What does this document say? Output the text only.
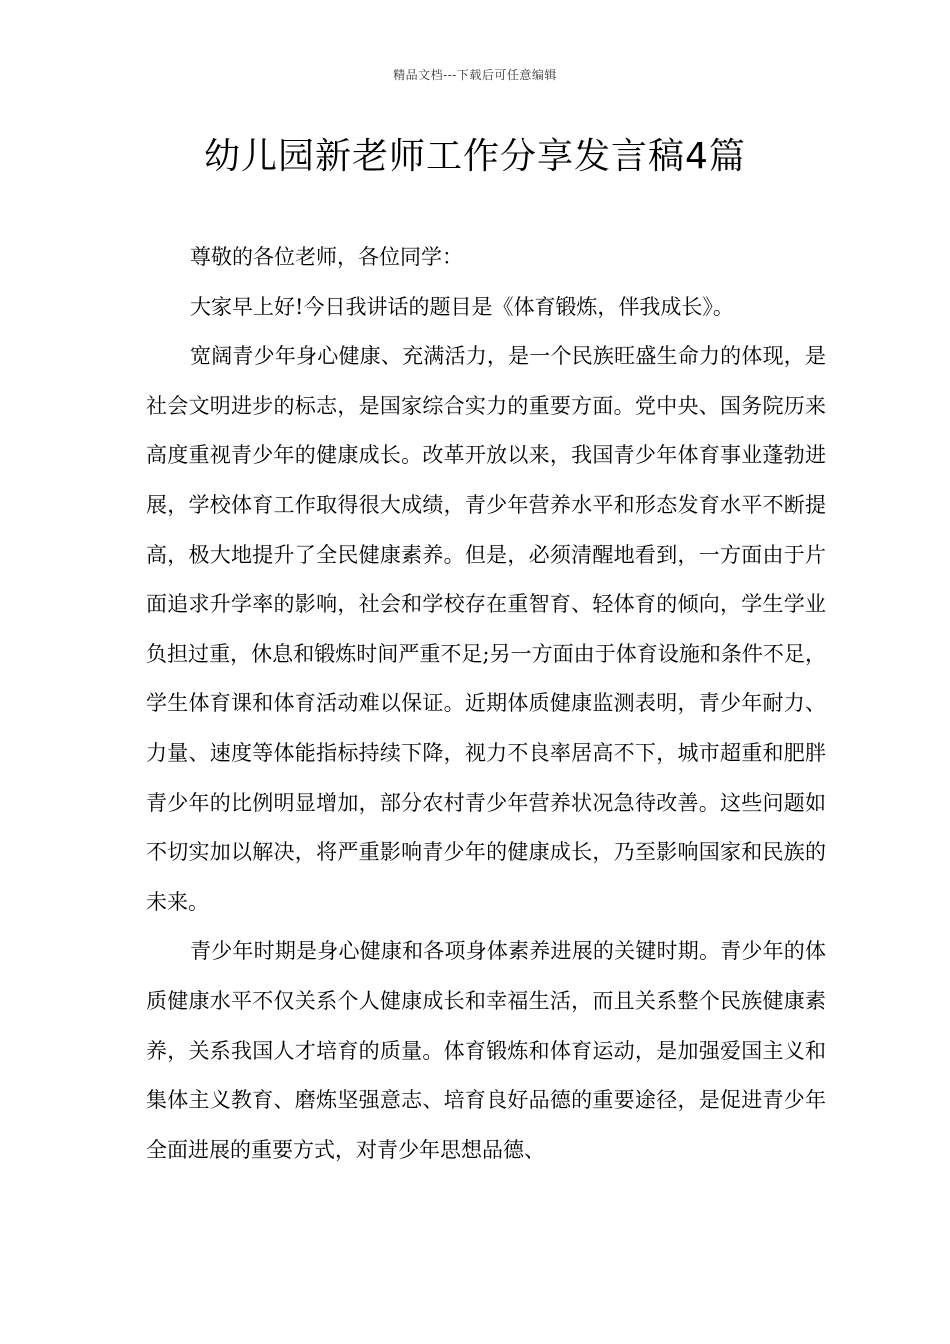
精品文档---下载后可任意编辑
幼儿园新老师工作分享发言稿4篇

尊敬的各位老师，各位同学：

大家早上好!今日我讲话的题目是《体育锻炼，伴我成长》。

宽阔青少年身心健康、充满活力，是一个民族旺盛生命力的体现，是社会文明进步的标志，是国家综合实力的重要方面。党中央、国务院历来高度重视青少年的健康成长。改革开放以来，我国青少年体育事业蓬勃进展，学校体育工作取得很大成绩，青少年营养水平和形态发育水平不断提高，极大地提升了全民健康素养。但是，必须清醒地看到，一方面由于片面追求升学率的影响，社会和学校存在重智育、轻体育的倾向，学生学业负担过重，休息和锻炼时间严重不足;另一方面由于体育设施和条件不足，学生体育课和体育活动难以保证。近期体质健康监测表明，青少年耐力、力量、速度等体能指标持续下降，视力不良率居高不下，城市超重和肥胖青少年的比例明显增加，部分农村青少年营养状况急待改善。这些问题如不切实加以解决，将严重影响青少年的健康成长，乃至影响国家和民族的未来。

青少年时期是身心健康和各项身体素养进展的关键时期。青少年的体质健康水平不仅关系个人健康成长和幸福生活，而且关系整个民族健康素养，关系我国人才培育的质量。体育锻炼和体育运动，是加强爱国主义和集体主义教育、磨炼坚强意志、培育良好品德的重要途径，是促进青少年全面进展的重要方式，对青少年思想品德、
